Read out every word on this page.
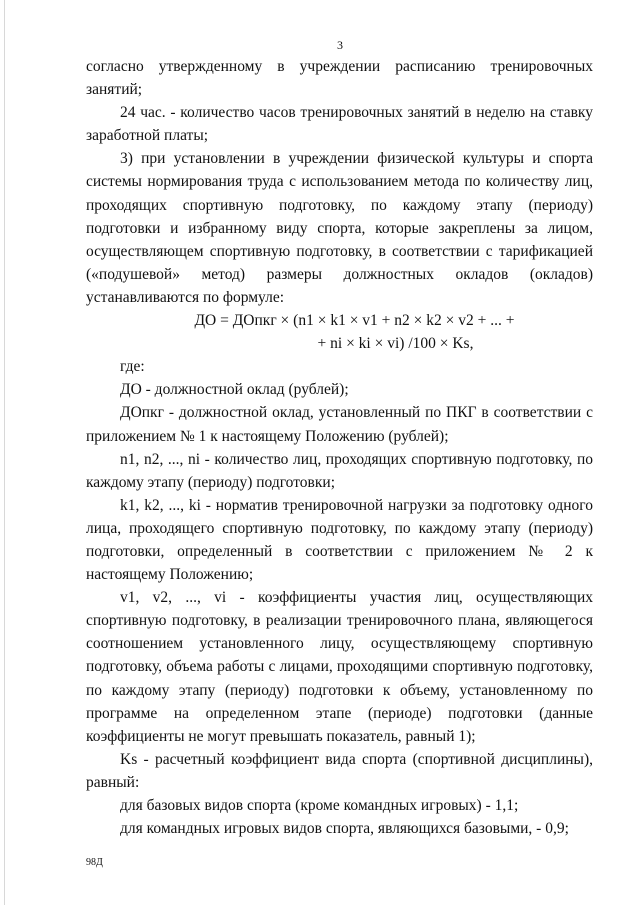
3

согласно утвержденному в учреждении расписанию тренировочных занятий;

24 час. - количество часов тренировочных занятий в неделю на ставку заработной платы;

3) при установлении в учреждении физической культуры и спорта системы нормирования труда с использованием метода по количеству лиц, проходящих спортивную подготовку, по каждому этапу (периоду) подготовки и избранному виду спорта, которые закреплены за лицом, осуществляющем спортивную подготовку, в соответствии с тарификацией («подушевой» метод) размеры должностных окладов (окладов) устанавливаются по формуле:

ДО = ДОпкг × (n1 × k1 × v1 + n2 × k2 × v2 + ... +
+ ni × ki × vi) /100 × Ks,

где:

ДО - должностной оклад (рублей);

ДОпкг - должностной оклад, установленный по ПКГ в соответствии с приложением № 1 к настоящему Положению (рублей);

n1, n2, ..., ni - количество лиц, проходящих спортивную подготовку, по каждому этапу (периоду) подготовки;

k1, k2, ..., ki - норматив тренировочной нагрузки за подготовку одного лица, проходящего спортивную подготовку, по каждому этапу (периоду) подготовки, определенный в соответствии с приложением № 2 к настоящему Положению;

v1, v2, ..., vi - коэффициенты участия лиц, осуществляющих спортивную подготовку, в реализации тренировочного плана, являющегося соотношением установленного лицу, осуществляющему спортивную подготовку, объема работы с лицами, проходящими спортивную подготовку, по каждому этапу (периоду) подготовки к объему, установленному по программе на определенном этапе (периоде) подготовки (данные коэффициенты не могут превышать показатель, равный 1);

Ks - расчетный коэффициент вида спорта (спортивной дисциплины), равный:

для базовых видов спорта (кроме командных игровых) - 1,1;

для командных игровых видов спорта, являющихся базовыми, - 0,9;

98Д
